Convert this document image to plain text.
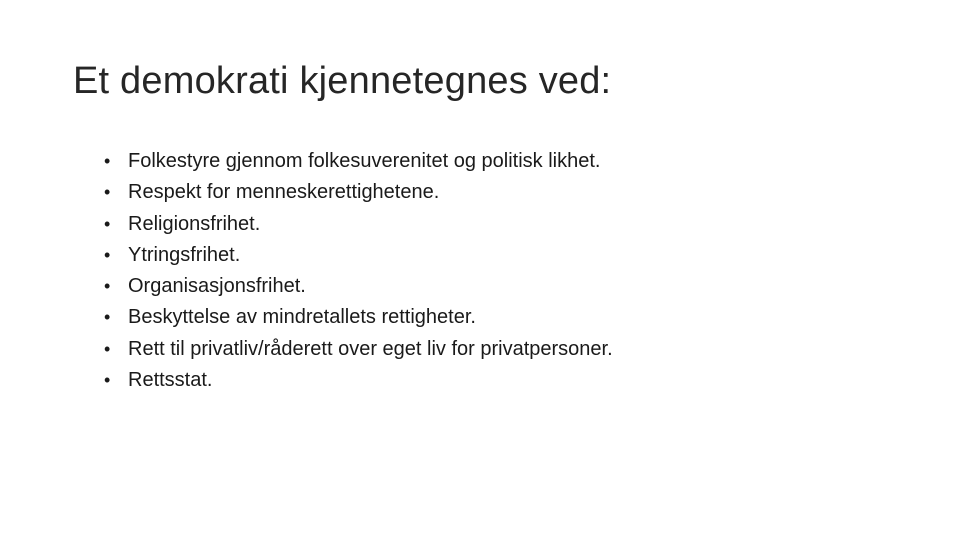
Et demokrati kjennetegnes ved:
• Folkestyre gjennom folkesuverenitet og politisk likhet.
• Respekt for menneskerettighetene.
• Religionsfrihet.
• Ytringsfrihet.
• Organisasjonsfrihet.
• Beskyttelse av mindretallets rettigheter.
• Rett til privatliv/råderett over eget liv for privatpersoner.
• Rettsstat.
